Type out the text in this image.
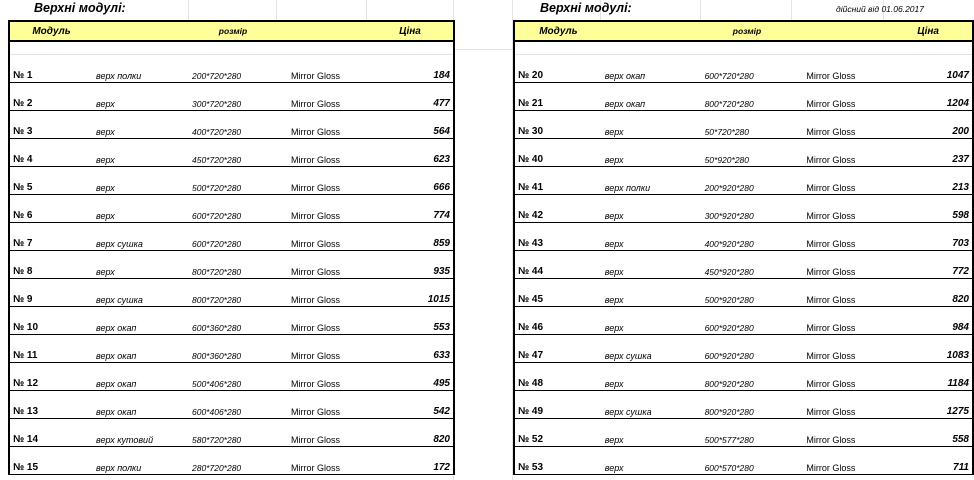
Верхні модулі:	Верхні модулі:	дійсний від 01.06.2017
Модуль		розмір		Ціна

№ 1	верх полки	200*720*280	Mirror Gloss	184
№ 2	верх	300*720*280	Mirror Gloss	477
№ 3	верх	400*720*280	Mirror Gloss	564
№ 4	верх	450*720*280	Mirror Gloss	623
№ 5	верх	500*720*280	Mirror Gloss	666
№ 6	верх	600*720*280	Mirror Gloss	774
№ 7	верх сушка	600*720*280	Mirror Gloss	859
№ 8	верх	800*720*280	Mirror Gloss	935
№ 9	верх сушка	800*720*280	Mirror Gloss	1015
№ 10	верх окап	600*360*280	Mirror Gloss	553
№ 11	верх окап	800*360*280	Mirror Gloss	633
№ 12	верх окап	500*406*280	Mirror Gloss	495
№ 13	верх окап	600*406*280	Mirror Gloss	542
№ 14	верх кутовий	580*720*280	Mirror Gloss	820
№ 15	верх полки	280*720*280	Mirror Gloss	172
Модуль		розмір		Ціна

№ 20	верх окап	600*720*280	Mirror Gloss	1047
№ 21	верх окап	800*720*280	Mirror Gloss	1204
№ 30	верх	50*720*280	Mirror Gloss	200
№ 40	верх	50*920*280	Mirror Gloss	237
№ 41	верх полки	200*920*280	Mirror Gloss	213
№ 42	верх	300*920*280	Mirror Gloss	598
№ 43	верх	400*920*280	Mirror Gloss	703
№ 44	верх	450*920*280	Mirror Gloss	772
№ 45	верх	500*920*280	Mirror Gloss	820
№ 46	верх	600*920*280	Mirror Gloss	984
№ 47	верх сушка	600*920*280	Mirror Gloss	1083
№ 48	верх	800*920*280	Mirror Gloss	1184
№ 49	верх сушка	800*920*280	Mirror Gloss	1275
№ 52	верх	500*577*280	Mirror Gloss	558
№ 53	верх	600*570*280	Mirror Gloss	711
